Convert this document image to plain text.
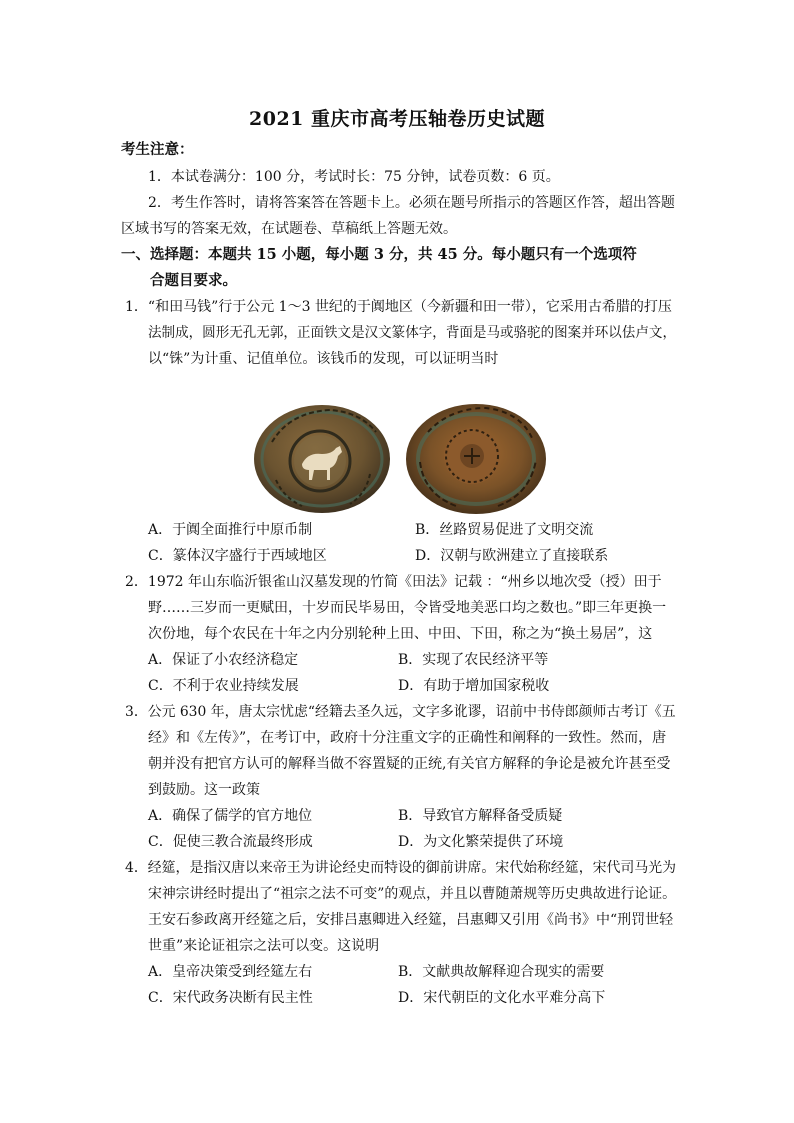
2021 重庆市高考压轴卷历史试题
考生注意：
1．本试卷满分：100 分，考试时长：75 分钟，试卷页数：6 页。
2．考生作答时，请将答案答在答题卡上。必须在题号所指示的答题区作答，超出答题
区域书写的答案无效，在试题卷、草稿纸上答题无效。
一、选择题：本题共 15 小题，每小题 3 分，共 45 分。每小题只有一个选项符
合题目要求。
1．“和田马钱”行于公元 1～3 世纪的于阗地区（今新疆和田一带），它采用古希腊的打压
法制成，圆形无孔无郭，正面铁文是汉文篆体字，背面是马或骆驼的图案并环以佉卢文，
以“铢”为计重、记值单位。该钱币的发现，可以证明当时
A．于阗全面推行中原币制	B．丝路贸易促进了文明交流
C．篆体汉字盛行于西域地区	D．汉朝与欧洲建立了直接联系
2．1972 年山东临沂银雀山汉墓发现的竹简《田法》记载 ：“州乡以地次受（授）田于
野……三岁而一更赋田，十岁而民毕易田，令皆受地美恶口均之数也。”即三年更换一
次份地，每个农民在十年之内分别轮种上田、中田、下田，称之为“换土易居”，这
A．保证了小农经济稳定	B．实现了农民经济平等
C．不利于农业持续发展	D．有助于增加国家税收
3．公元 630 年，唐太宗忧虑“经籍去圣久远，文字多讹谬，诏前中书侍郎颜师古考订《五
经》和《左传》”，在考订中，政府十分注重文字的正确性和阐释的一致性。然而，唐
朝并没有把官方认可的解释当做不容置疑的正统,有关官方解释的争论是被允许甚至受
到鼓励。这一政策
A．确保了儒学的官方地位	B．导致官方解释备受质疑
C．促使三教合流最终形成	D．为文化繁荣提供了环境
4．经筵，是指汉唐以来帝王为讲论经史而特设的御前讲席。宋代始称经筵，宋代司马光为
宋神宗讲经时提出了“祖宗之法不可变”的观点，并且以曹随萧规等历史典故进行论证。
王安石参政离开经筵之后，安排吕惠卿进入经筵，吕惠卿又引用《尚书》中“刑罚世轻
世重”来论证祖宗之法可以变。这说明
A．皇帝决策受到经筵左右	B．文献典故解释迎合现实的需要
C．宋代政务决断有民主性	D．宋代朝臣的文化水平难分高下
